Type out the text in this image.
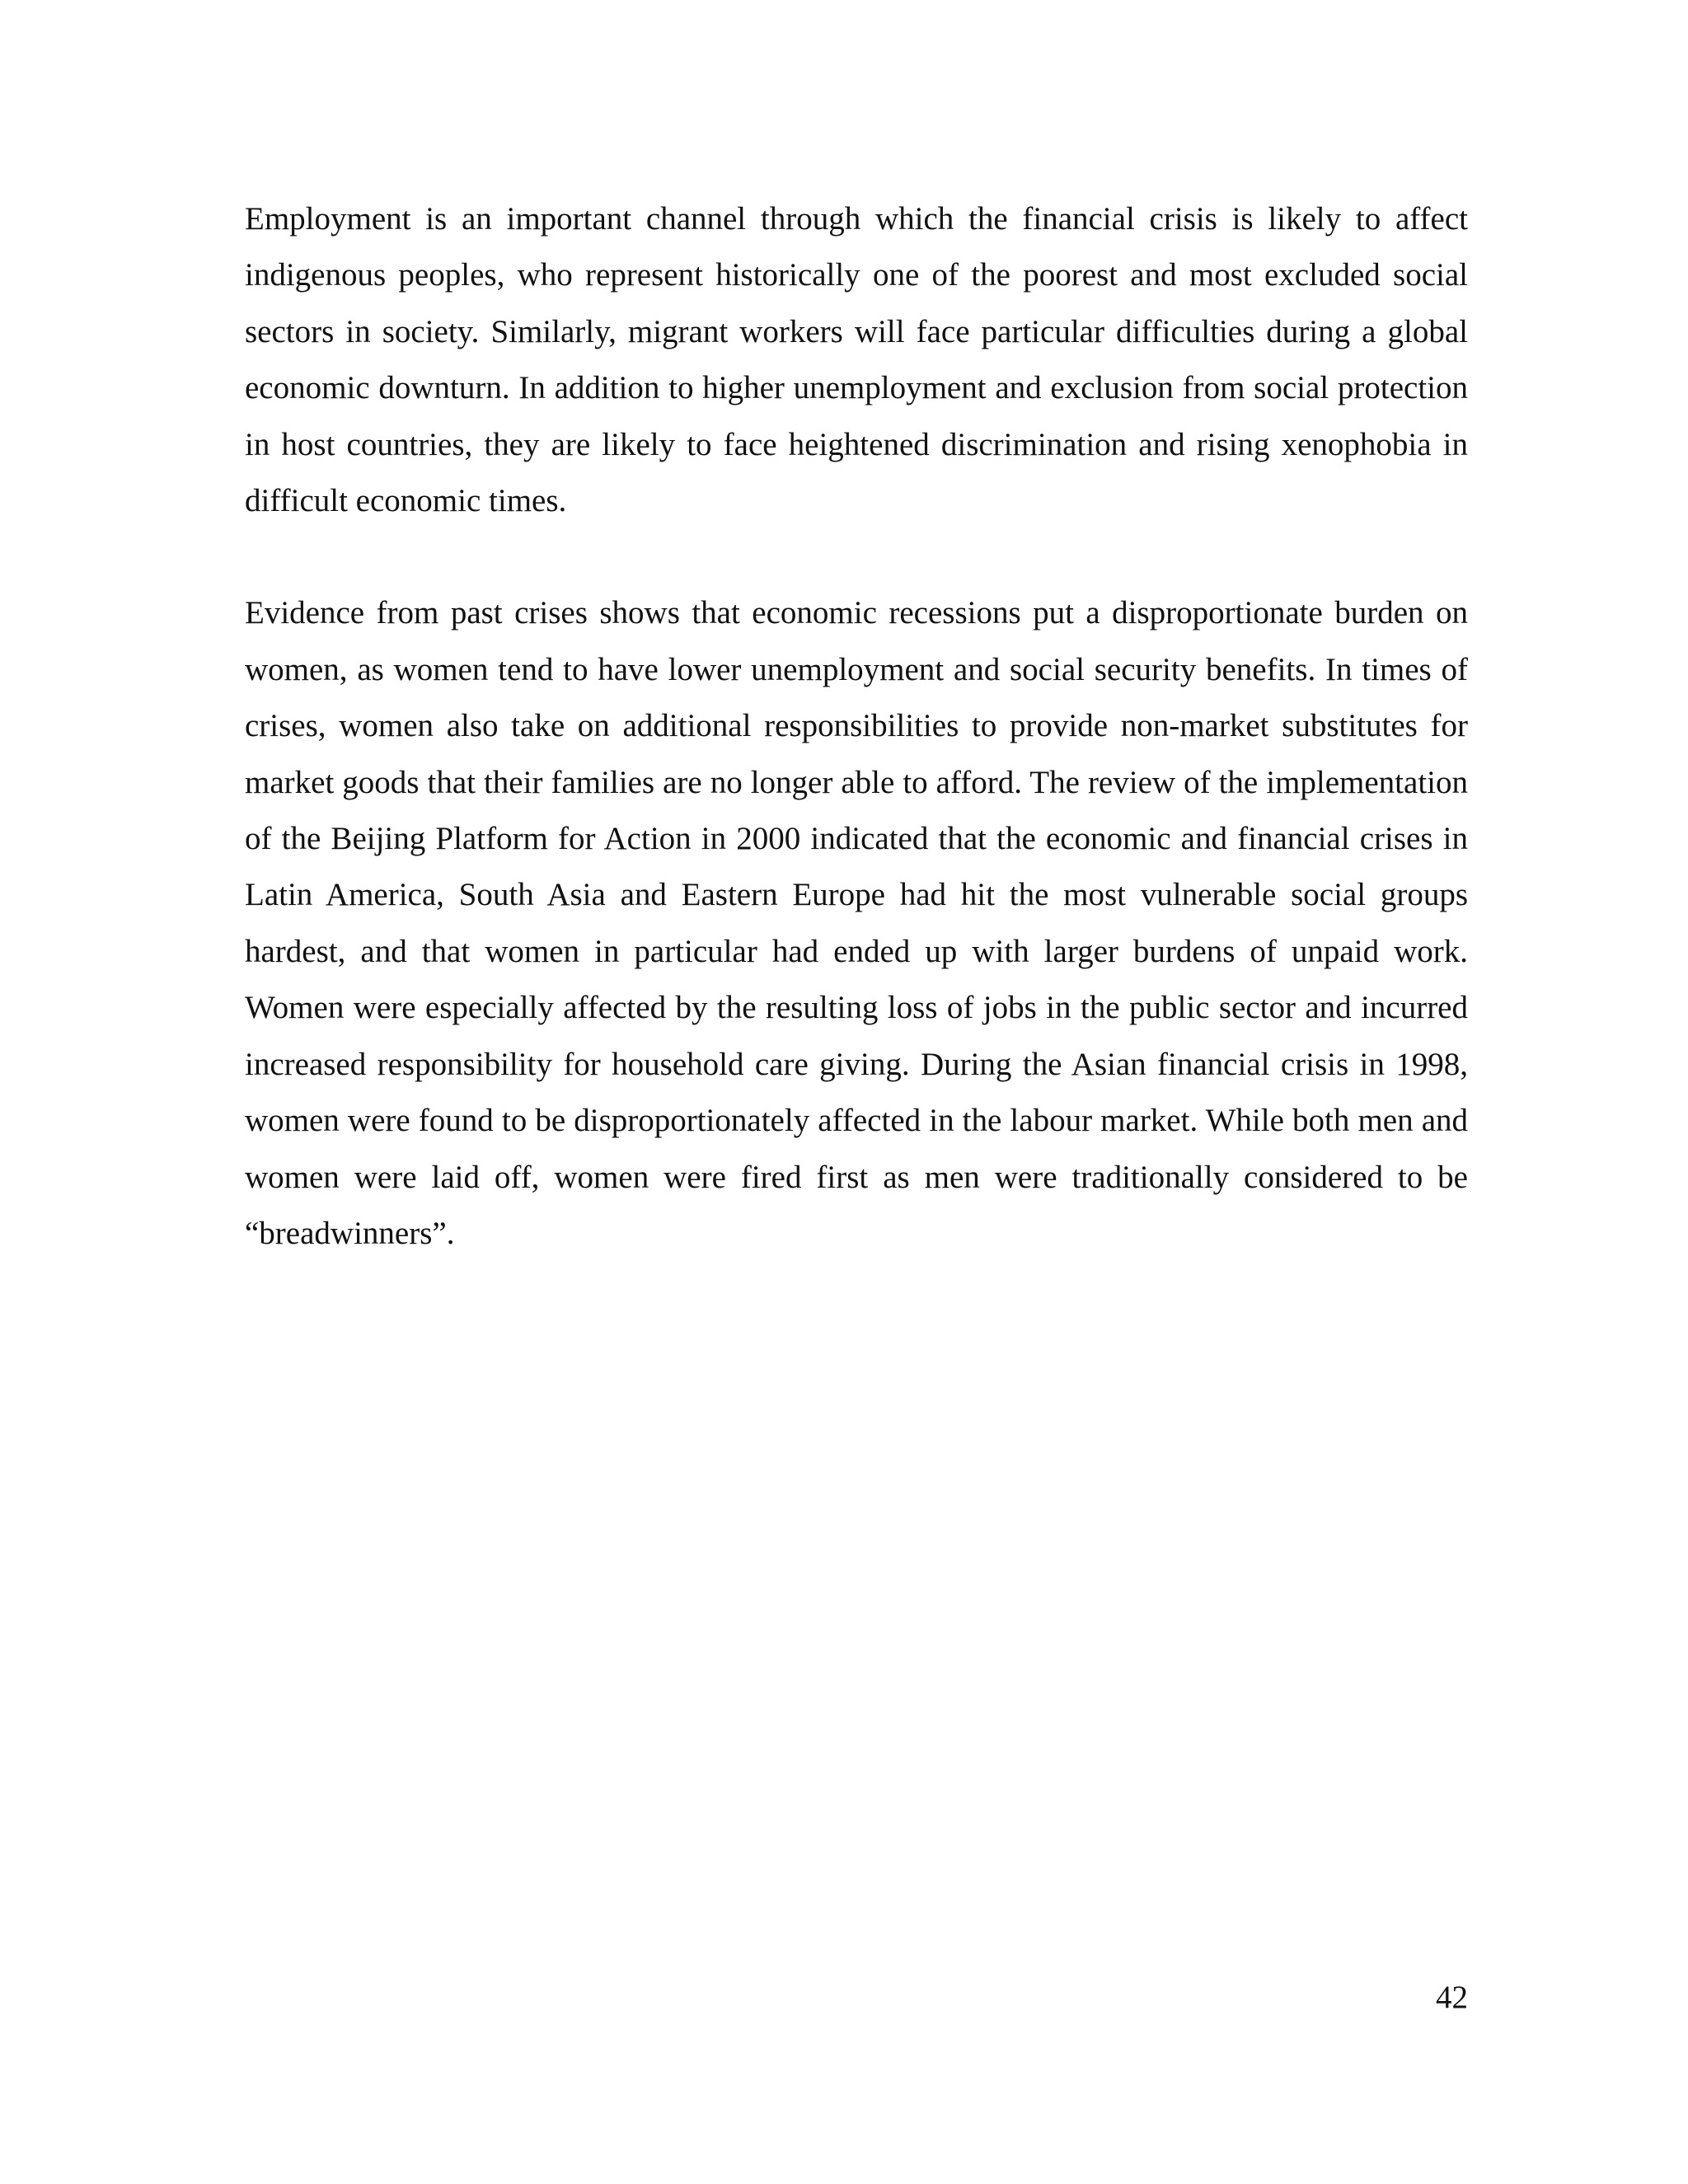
Employment is an important channel through which the financial crisis is likely to affect indigenous peoples, who represent historically one of the poorest and most excluded social sectors in society. Similarly, migrant workers will face particular difficulties during a global economic downturn. In addition to higher unemployment and exclusion from social protection in host countries, they are likely to face heightened discrimination and rising xenophobia in difficult economic times.

Evidence from past crises shows that economic recessions put a disproportionate burden on women, as women tend to have lower unemployment and social security benefits. In times of crises, women also take on additional responsibilities to provide non-market substitutes for market goods that their families are no longer able to afford. The review of the implementation of the Beijing Platform for Action in 2000 indicated that the economic and financial crises in Latin America, South Asia and Eastern Europe had hit the most vulnerable social groups hardest, and that women in particular had ended up with larger burdens of unpaid work. Women were especially affected by the resulting loss of jobs in the public sector and incurred increased responsibility for household care giving. During the Asian financial crisis in 1998, women were found to be disproportionately affected in the labour market. While both men and women were laid off, women were fired first as men were traditionally considered to be “breadwinners”.

42
